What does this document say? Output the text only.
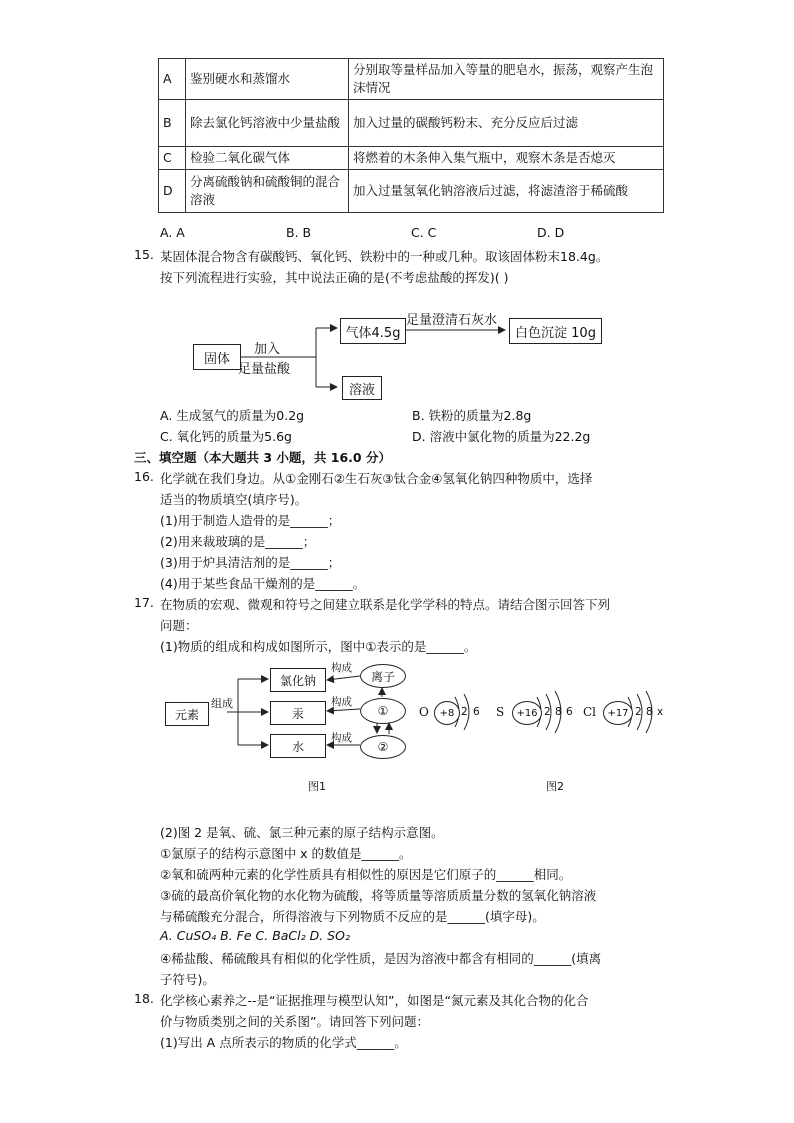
A	鉴别硬水和蒸馏水	分别取等量样品加入等量的肥皂水，振荡，观察产生泡沫情况
B	除去氯化钙溶液中少量盐酸	加入过量的碳酸钙粉末、充分反应后过滤
C	检验二氧化碳气体	将燃着的木条伸入集气瓶中，观察木条是否熄灭
D	分离硫酸钠和硫酸铜的混合溶液	加入过量氢氧化钠溶液后过滤，将滤渣溶于稀硫酸
A. A	B. B	C. C	D. D
15. 某固体混合物含有碳酸钙、氧化钙、铁粉中的一种或几种。取该固体粉末18.4g。
按下列流程进行实验，其中说法正确的是(不考虑盐酸的挥发)( )
固体
加入
足量盐酸
气体4.5g
足量澄清石灰水
白色沉淀 10g
溶液
A. 生成氢气的质量为0.2g	B. 铁粉的质量为2.8g
C. 氧化钙的质量为5.6g	D. 溶液中氯化物的质量为22.2g
三、填空题（本大题共 3 小题，共 16.0 分）
16. 化学就在我们身边。从①金刚石②生石灰③钛合金④氢氧化钠四种物质中，选择
适当的物质填空(填序号)。
(1)用于制造人造骨的是______；
(2)用来裁玻璃的是______；
(3)用于炉具清洁剂的是______；
(4)用于某些食品干燥剂的是______。
17. 在物质的宏观、微观和符号之间建立联系是化学学科的特点。请结合图示回答下列
问题：
(1)物质的组成和构成如图所示，图中①表示的是______。
元素
组成
氯化钠
汞
水
构成
构成
构成
离子
①
②
图1
O	+8 2 6 S	+16 2 8 6 Cl	+17 2 8 x
图2
(2)图 2 是氧、硫、氯三种元素的原子结构示意图。
①氯原子的结构示意图中 x 的数值是______。
②氧和硫两种元素的化学性质具有相似性的原因是它们原子的______相同。
③硫的最高价氧化物的水化物为硫酸，将等质量等溶质质量分数的氢氧化钠溶液
与稀硫酸充分混合，所得溶液与下列物质不反应的是______(填字母)。
A. CuSO₄ B. Fe C. BaCl₂ D. SO₂
④稀盐酸、稀硫酸具有相似的化学性质，是因为溶液中都含有相同的______(填离
子符号)。
18. 化学核心素养之--是“证据推理与模型认知”，如图是“氮元素及其化合物的化合
价与物质类别之间的关系图”。请回答下列问题：
(1)写出 A 点所表示的物质的化学式______。
